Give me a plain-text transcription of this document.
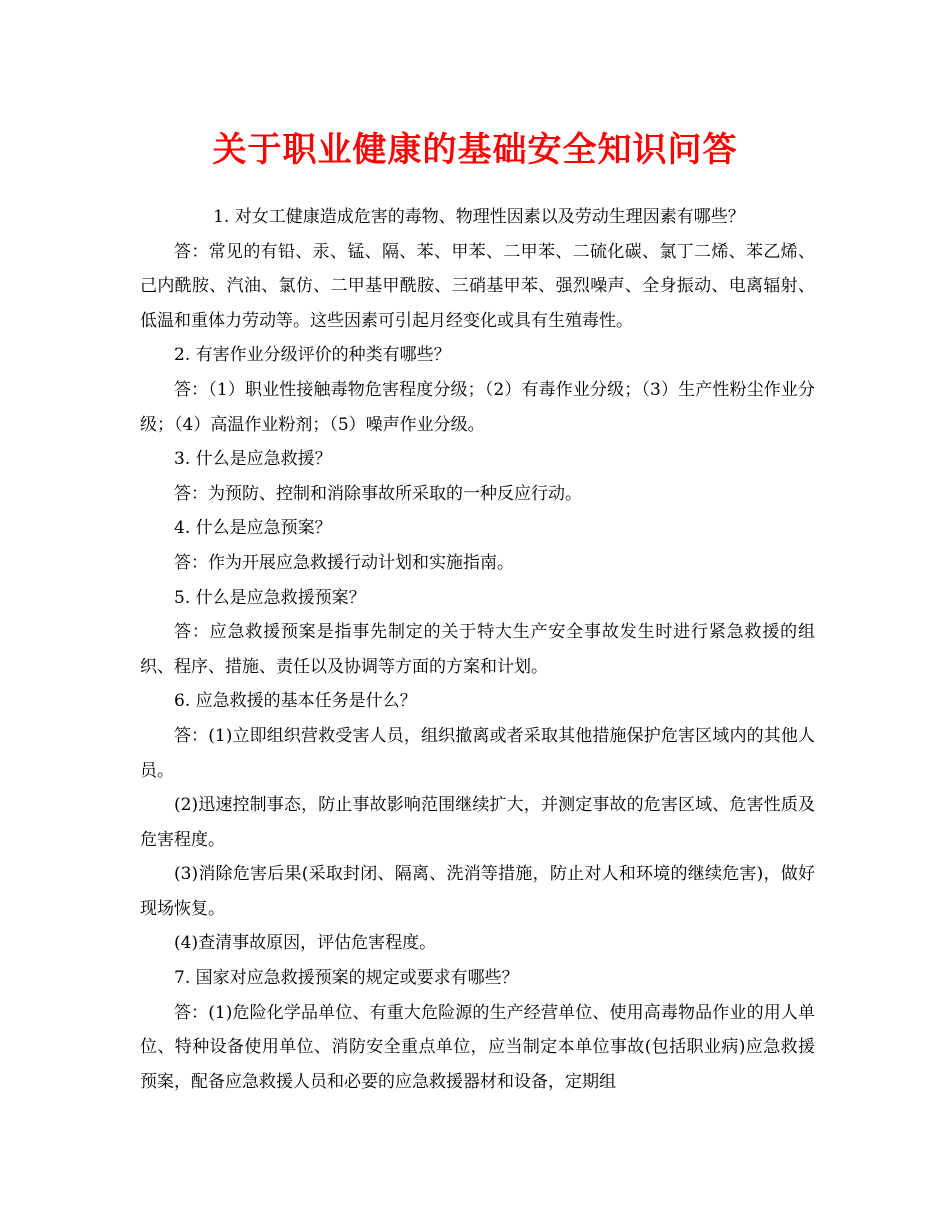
关于职业健康的基础安全知识问答

1. 对女工健康造成危害的毒物、物理性因素以及劳动生理因素有哪些？

答：常见的有铅、汞、锰、隔、苯、甲苯、二甲苯、二硫化碳、氯丁二烯、苯乙烯、己内酰胺、汽油、氯仿、二甲基甲酰胺、三硝基甲苯、强烈噪声、全身振动、电离辐射、低温和重体力劳动等。这些因素可引起月经变化或具有生殖毒性。

2. 有害作业分级评价的种类有哪些？

答：（1）职业性接触毒物危害程度分级；（2）有毒作业分级；（3）生产性粉尘作业分级；（4）高温作业粉剂；（5）噪声作业分级。

3. 什么是应急救援？

答：为预防、控制和消除事故所采取的一种反应行动。

4. 什么是应急预案？

答：作为开展应急救援行动计划和实施指南。

5. 什么是应急救援预案？

答：应急救援预案是指事先制定的关于特大生产安全事故发生时进行紧急救援的组织、程序、措施、责任以及协调等方面的方案和计划。

6. 应急救援的基本任务是什么？

答：(1)立即组织营救受害人员，组织撤离或者采取其他措施保护危害区域内的其他人员。

(2)迅速控制事态，防止事故影响范围继续扩大，并测定事故的危害区域、危害性质及危害程度。

(3)消除危害后果(采取封闭、隔离、洗消等措施，防止对人和环境的继续危害)，做好现场恢复。

(4)查清事故原因，评估危害程度。

7. 国家对应急救援预案的规定或要求有哪些？

答：(1)危险化学品单位、有重大危险源的生产经营单位、使用高毒物品作业的用人单位、特种设备使用单位、消防安全重点单位，应当制定本单位事故(包括职业病)应急救援预案，配备应急救援人员和必要的应急救援器材和设备，定期组
